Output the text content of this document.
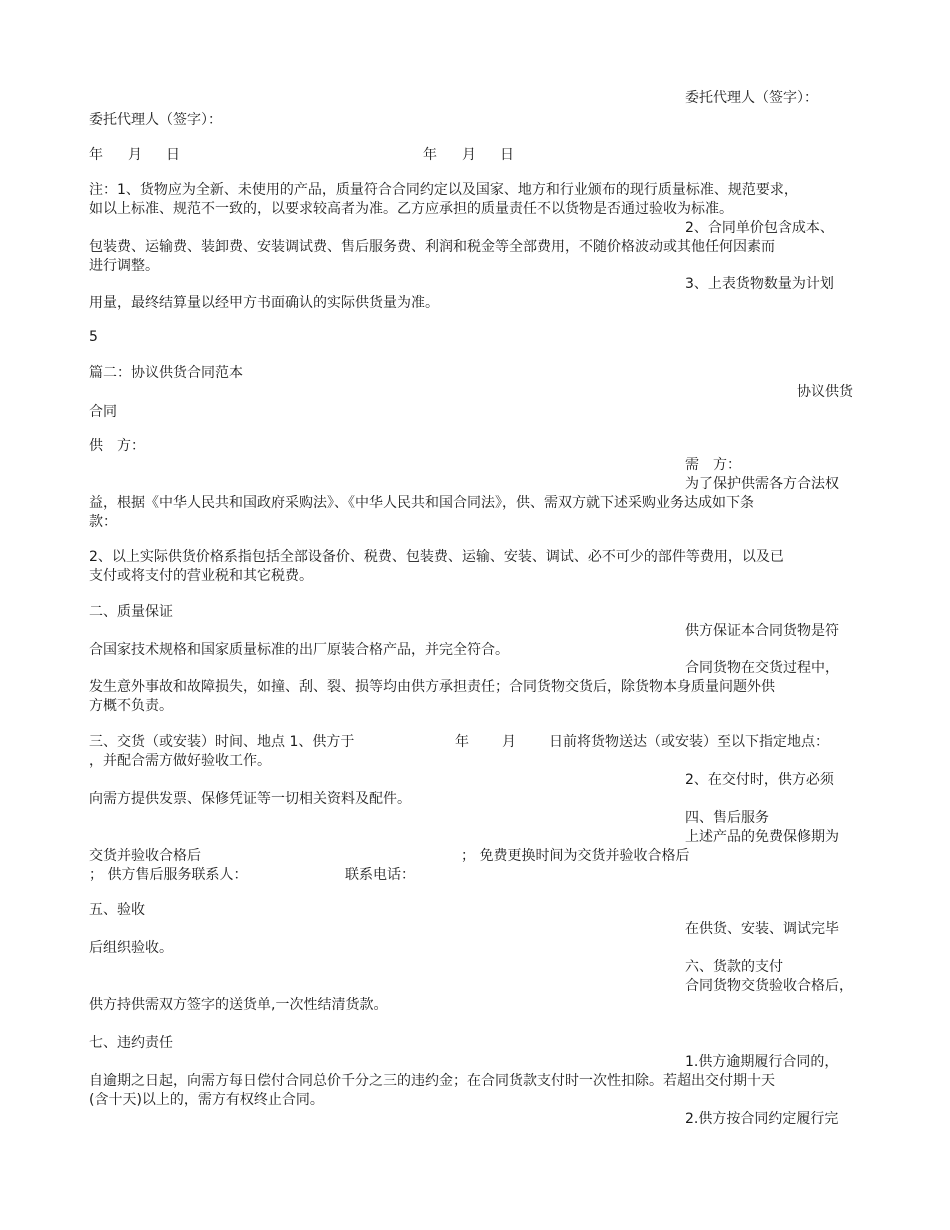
委托代理人（签字）：
委托代理人（签字）：
年 月 日	年 月 日
注：1、货物应为全新、未使用的产品，质量符合合同约定以及国家、地方和行业颁布的现行质量标准、规范要求，
如以上标准、规范不一致的，以要求较高者为准。乙方应承担的质量责任不以货物是否通过验收为标准。
2、合同单价包含成本、
包装费、运输费、装卸费、安装调试费、售后服务费、利润和税金等全部费用，不随价格波动或其他任何因素而
进行调整。
3、上表货物数量为计划
用量，最终结算量以经甲方书面确认的实际供货量为准。
5
篇二：协议供货合同范本
协议供货
合同
供　方：
需　方：
为了保护供需各方合法权
益，根据《中华人民共和国政府采购法》、《中华人民共和国合同法》，供、需双方就下述采购业务达成如下条
款：
2、以上实际供货价格系指包括全部设备价、税费、包装费、运输、安装、调试、必不可少的部件等费用，以及已
支付或将支付的营业税和其它税费。
二、质量保证
供方保证本合同货物是符
合国家技术规格和国家质量标准的出厂原装合格产品，并完全符合。
合同货物在交货过程中，
发生意外事故和故障损失，如撞、刮、裂、损等均由供方承担责任；合同货物交货后，除货物本身质量问题外供
方概不负责。
三、交货（或安装）时间、地点 1、供方于	年 月 日前将货物送达（或安装）至以下指定地点：
，并配合需方做好验收工作。
2、在交付时，供方必须
向需方提供发票、保修凭证等一切相关资料及配件。
四、售后服务
上述产品的免费保修期为
交货并验收合格后	； 免费更换时间为交货并验收合格后
； 供方售后服务联系人：	联系电话：
五、验收
在供货、安装、调试完毕
后组织验收。
六、货款的支付
合同货物交货验收合格后，
供方持供需双方签字的送货单,一次性结清货款。
七、违约责任
1.供方逾期履行合同的，
自逾期之日起，向需方每日偿付合同总价千分之三的违约金；在合同货款支付时一次性扣除。若超出交付期十天
(含十天)以上的，需方有权终止合同。
2.供方按合同约定履行完
